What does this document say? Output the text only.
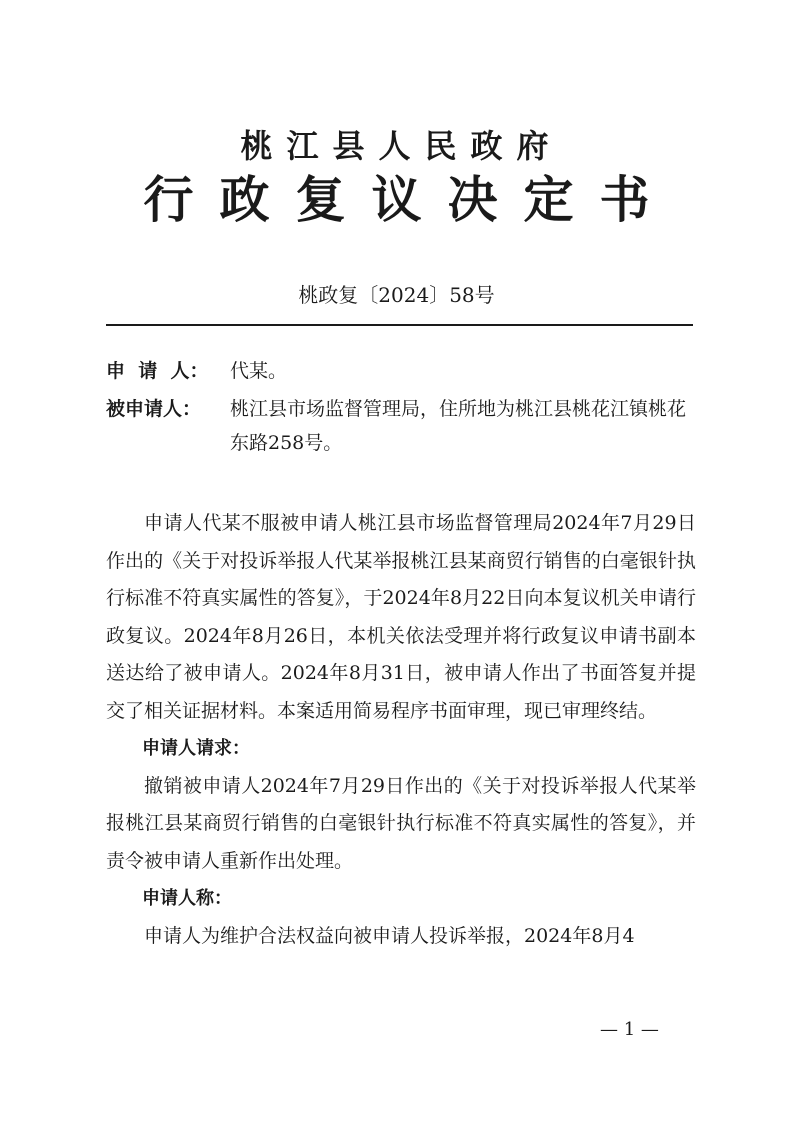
桃江县人民政府
行政复议决定书
桃政复〔2024〕58号
申  请  人： 代某。
被申请人： 桃江县市场监督管理局，住所地为桃江县桃花江镇桃花东路258号。

申请人代某不服被申请人桃江县市场监督管理局2024年7月29日作出的《关于对投诉举报人代某举报桃江县某商贸行销售的白毫银针执行标准不符真实属性的答复》，于2024年8月22日向本复议机关申请行政复议。2024年8月26日，本机关依法受理并将行政复议申请书副本送达给了被申请人。2024年8月31日，被申请人作出了书面答复并提交了相关证据材料。本案适用简易程序书面审理，现已审理终结。

申请人请求：

撤销被申请人2024年7月29日作出的《关于对投诉举报人代某举报桃江县某商贸行销售的白毫银针执行标准不符真实属性的答复》，并责令被申请人重新作出处理。

申请人称：

申请人为维护合法权益向被申请人投诉举报，2024年8月4

— 1 —
